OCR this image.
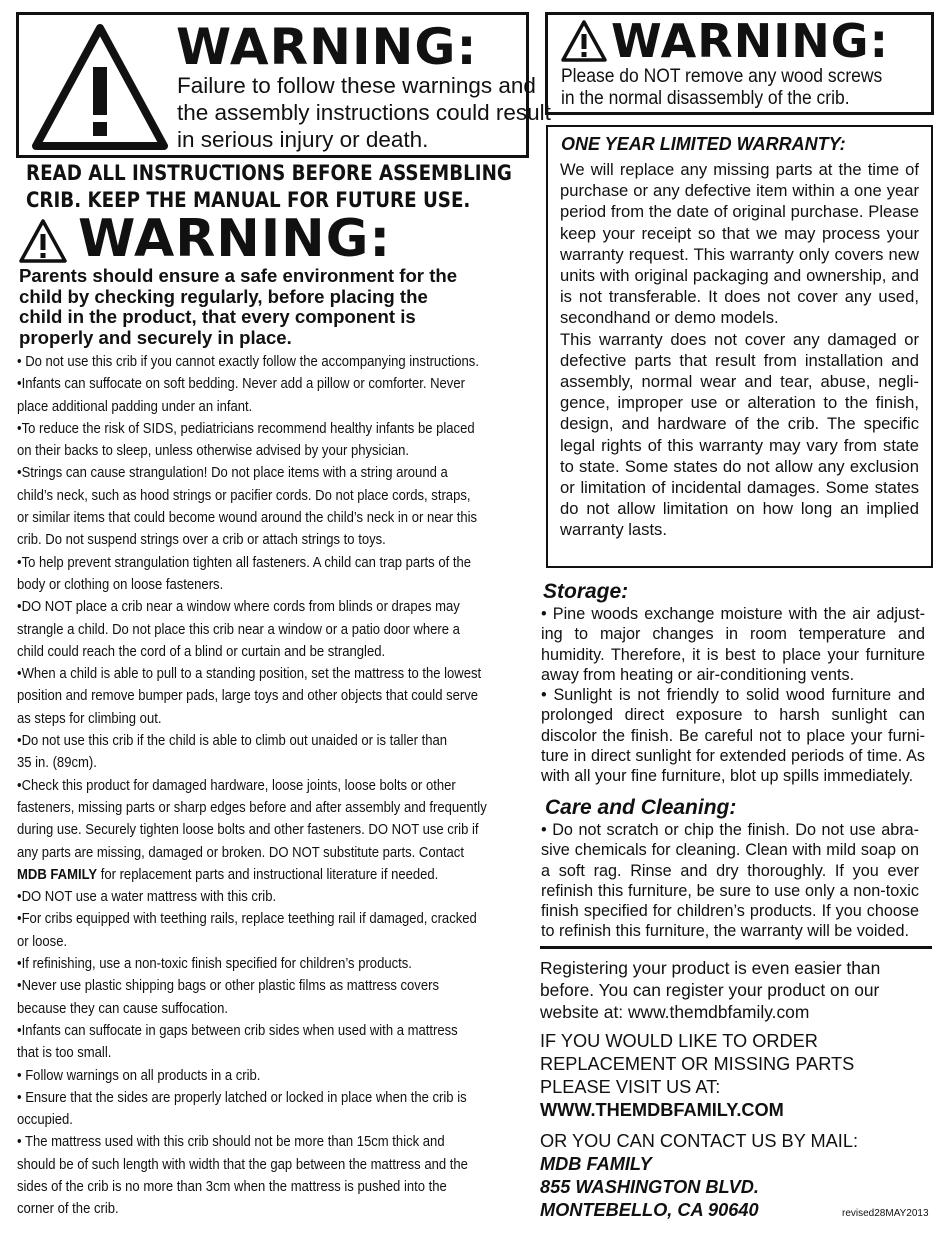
WARNING:
Failure to follow these warnings and
the assembly instructions could result
in serious injury or death.
READ ALL INSTRUCTIONS BEFORE ASSEMBLING
CRIB. KEEP THE MANUAL FOR FUTURE USE.
WARNING:
Parents should ensure a safe environment for the
child by checking regularly, before placing the
child in the product, that every component is
properly and securely in place.
• Do not use this crib if you cannot exactly follow the accompanying instructions.
•Infants can suffocate on soft bedding. Never add a pillow or comforter. Never
place additional padding under an infant.
•To reduce the risk of SIDS, pediatricians recommend healthy infants be placed
on their backs to sleep, unless otherwise advised by your physician.
•Strings can cause strangulation! Do not place items with a string around a
child’s neck, such as hood strings or pacifier cords. Do not place cords, straps,
or similar items that could become wound around the child’s neck in or near this
crib. Do not suspend strings over a crib or attach strings to toys.
•To help prevent strangulation tighten all fasteners. A child can trap parts of the
body or clothing on loose fasteners.
•DO NOT place a crib near a window where cords from blinds or drapes may
strangle a child. Do not place this crib near a window or a patio door where a
child could reach the cord of a blind or curtain and be strangled.
•When a child is able to pull to a standing position, set the mattress to the lowest
position and remove bumper pads, large toys and other objects that could serve
as steps for climbing out.
•Do not use this crib if the child is able to climb out unaided or is taller than
35 in. (89cm).
•Check this product for damaged hardware, loose joints, loose bolts or other
fasteners, missing parts or sharp edges before and after assembly and frequently
during use. Securely tighten loose bolts and other fasteners. DO NOT use crib if
any parts are missing, damaged or broken. DO NOT substitute parts. Contact
MDB FAMILY for replacement parts and instructional literature if needed.
•DO NOT use a water mattress with this crib.
•For cribs equipped with teething rails, replace teething rail if damaged, cracked
or loose.
•If refinishing, use a non-toxic finish specified for children’s products.
•Never use plastic shipping bags or other plastic films as mattress covers
because they can cause suffocation.
•Infants can suffocate in gaps between crib sides when used with a mattress
that is too small.
• Follow warnings on all products in a crib.
• Ensure that the sides are properly latched or locked in place when the crib is
occupied.
• The mattress used with this crib should not be more than 15cm thick and
should be of such length with width that the gap between the mattress and the
sides of the crib is no more than 3cm when the mattress is pushed into the
corner of the crib.
WARNING:
Please do NOT remove any wood screws
in the normal disassembly of the crib.
ONE YEAR LIMITED WARRANTY:

We will replace any missing parts at the time of purchase or any defective item within a one year period from the date of original purchase. Please keep your receipt so that we may process your warranty request. This warranty only covers new units with original packaging and ownership, and is not transferable. It does not cover any used, secondhand or demo models.

This warranty does not cover any damaged or defective parts that result from installation and assembly, normal wear and tear, abuse, negli-gence, improper use or alteration to the finish, design, and hardware of the crib. The specific legal rights of this warranty may vary from state to state. Some states do not allow any exclusion or limitation of incidental damages. Some states do not allow limitation on how long an implied warranty lasts.

Storage:

• Pine woods exchange moisture with the air adjust-ing to major changes in room temperature and humidity. Therefore, it is best to place your furniture away from heating or air-conditioning vents.

• Sunlight is not friendly to solid wood furniture and prolonged direct exposure to harsh sunlight can discolor the finish. Be careful not to place your furni-ture in direct sunlight for extended periods of time. As with all your fine furniture, blot up spills immediately.

Care and Cleaning:

• Do not scratch or chip the finish. Do not use abra-sive chemicals for cleaning. Clean with mild soap on a soft rag. Rinse and dry thoroughly. If you ever refinish this furniture, be sure to use only a non-toxic finish specified for children’s products. If you choose to refinish this furniture, the warranty will be voided.

Registering your product is even easier than
before. You can register your product on our
website at: www.themdbfamily.com
IF YOU WOULD LIKE TO ORDER
REPLACEMENT OR MISSING PARTS
PLEASE VISIT US AT:
WWW.THEMDBFAMILY.COM
OR YOU CAN CONTACT US BY MAIL:
MDB FAMILY
855 WASHINGTON BLVD.
MONTEBELLO, CA 90640	revised28MAY2013
